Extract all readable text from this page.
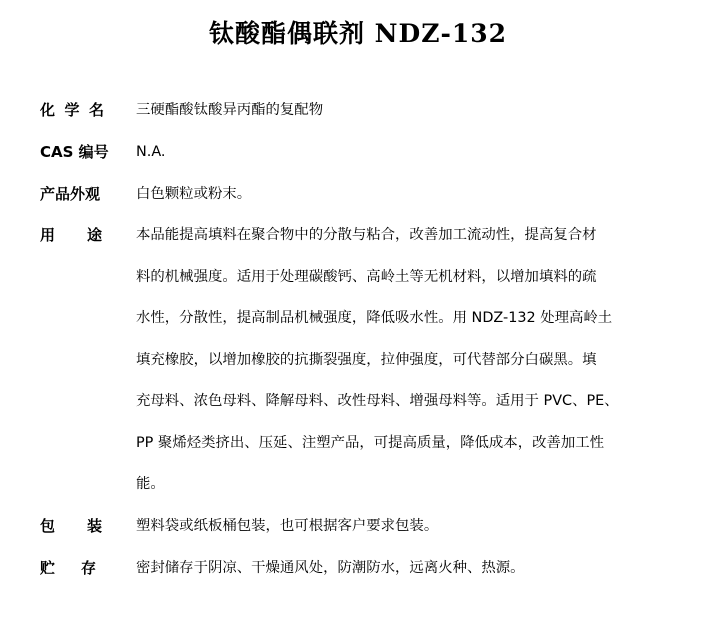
钛酸酯偶联剂 NDZ-132
化 学 名 三硬酯酸钛酸异丙酯的复配物
CAS 编号	N.A.
产品外观	白色颗粒或粉末。
用 途 本品能提高填料在聚合物中的分散与粘合，改善加工流动性，提高复合材
料的机械强度。适用于处理碳酸钙、高岭土等无机材料，以增加填料的疏
水性，分散性，提高制品机械强度，降低吸水性。用 NDZ-132 处理高岭土
填充橡胶，以增加橡胶的抗撕裂强度，拉伸强度，可代替部分白碳黑。填
充母料、浓色母料、降解母料、改性母料、增强母料等。适用于 PVC、PE、
PP 聚烯烃类挤出、压延、注塑产品，可提高质量，降低成本，改善加工性
能。
包 装 塑料袋或纸板桶包装，也可根据客户要求包装。
贮 存	密封储存于阴凉、干燥通风处，防潮防水，远离火种、热源。
